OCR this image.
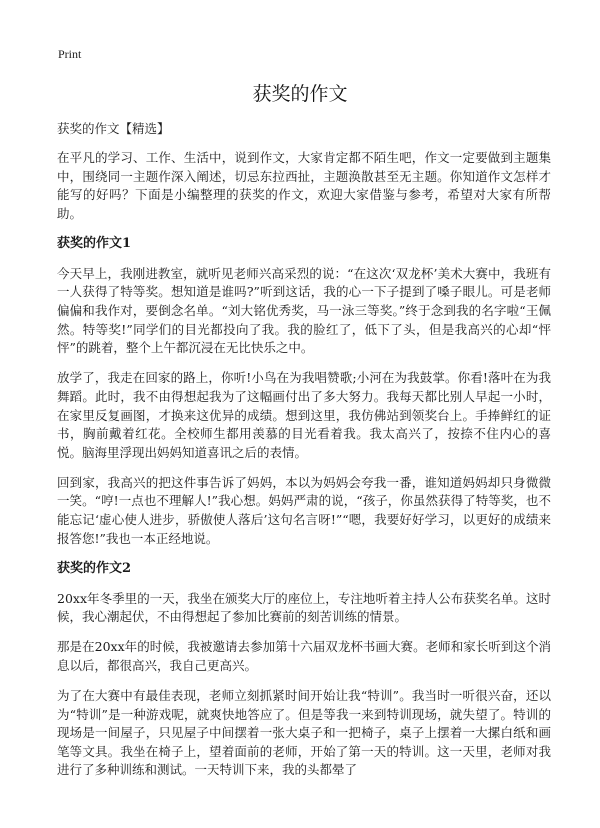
Print
获奖的作文

获奖的作文【精选】

在平凡的学习、工作、生活中，说到作文，大家肯定都不陌生吧，作文一定要做到主题集中，围绕同一主题作深入阐述，切忌东拉西扯，主题涣散甚至无主题。你知道作文怎样才能写的好吗？下面是小编整理的获奖的作文，欢迎大家借鉴与参考，希望对大家有所帮助。

获奖的作文1

今天早上，我刚进教室，就听见老师兴高采烈的说：“在这次‘双龙杯’美术大赛中，我班有一人获得了特等奖。想知道是谁吗?”听到这话，我的心一下子提到了嗓子眼儿。可是老师偏偏和我作对，要倒念名单。“刘大铭优秀奖，马一泳三等奖。”终于念到我的名字啦“王佩然。特等奖!”同学们的目光都投向了我。我的脸红了，低下了头，但是我高兴的心却“怦怦”的跳着，整个上午都沉浸在无比快乐之中。

放学了，我走在回家的路上，你听!小鸟在为我唱赞歌;小河在为我鼓掌。你看!落叶在为我舞蹈。此时，我不由得想起我为了这幅画付出了多大努力。我每天都比别人早起一小时，在家里反复画图，才换来这优异的成绩。想到这里，我仿佛站到领奖台上。手捧鲜红的证书，胸前戴着红花。全校师生都用羡慕的目光看着我。我太高兴了，按捺不住内心的喜悦。脑海里浮现出妈妈知道喜讯之后的表情。

回到家，我高兴的把这件事告诉了妈妈，本以为妈妈会夸我一番，谁知道妈妈却只身微微一笑。“哼!一点也不理解人!”我心想。妈妈严肃的说，“孩子，你虽然获得了特等奖，也不能忘记‘虚心使人进步，骄傲使人落后’这句名言呀!”“嗯，我要好好学习，以更好的成绩来报答您!”我也一本正经地说。

获奖的作文2

20xx年冬季里的一天，我坐在颁奖大厅的座位上，专注地听着主持人公布获奖名单。这时候，我心潮起伏，不由得想起了参加比赛前的刻苦训练的情景。

那是在20xx年的时候，我被邀请去参加第十六届双龙杯书画大赛。老师和家长听到这个消息以后，都很高兴，我自己更高兴。

为了在大赛中有最佳表现，老师立刻抓紧时间开始让我“特训”。我当时一听很兴奋，还以为“特训”是一种游戏呢，就爽快地答应了。但是等我一来到特训现场，就失望了。特训的现场是一间屋子，只见屋子中间摆着一张大桌子和一把椅子，桌子上摆着一大摞白纸和画笔等文具。我坐在椅子上，望着面前的老师，开始了第一天的特训。这一天里，老师对我进行了多种训练和测试。一天特训下来，我的头都晕了
